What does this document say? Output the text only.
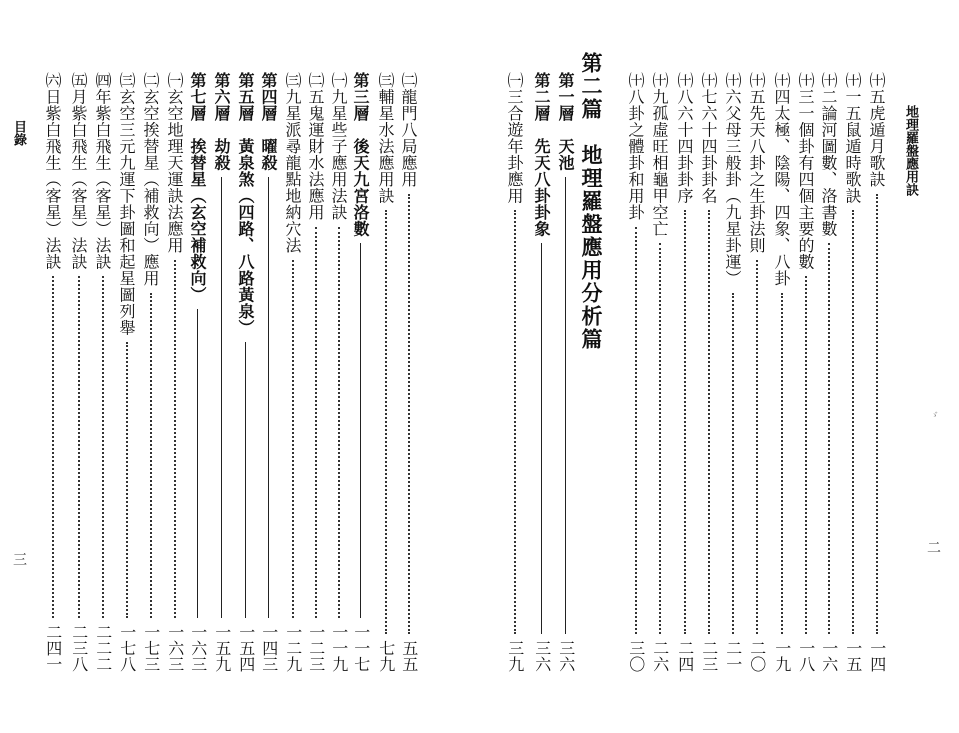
㈡龍門八局應用
五五
㈢輔星水法應用訣
七九
第三層　後天九宮洛數
一一七
㈠九星些子應用法訣
一一九
㈡五鬼運財水法應用
一二三
㈢九星派尋龍點地納穴法
一二九
第四層　曜殺
一四三
第五層　黃泉煞（四路、八路黃泉）
一五四
第六層　劫殺
一五九
第七層　挨替星（玄空補救向）
一六三
㈠玄空地理天運訣法應用
一六三
㈡玄空挨替星（補救向）應用
一七三
㈢玄空三元九運下卦圖和起星圖列舉
一七八
㈣年紫白飛生（客星）法訣
二二二
㈤月紫白飛生（客星）法訣
二三八
㈥日紫白飛生（客星）法訣
二四一
目錄
三
㈩五虎遁月歌訣
一四
㈩一五鼠遁時歌訣
一五
㈩二論河圖數、洛書數
一六
㈩三一個卦有四個主要的數
一八
㈩四太極、陰陽、四象、八卦
一九
㈩五先天八卦之生卦法則
二〇
㈩六父母三般卦（九星卦運）
二一
㈩七六十四卦卦名
二三
㈩八六十四卦卦序
二四
㈩九孤虛旺相龜甲空亡
二六
㈩八卦之體卦和用卦
三〇
第二篇　地理羅盤應用分析篇
第一層　天池
三六
第二層　先天八卦卦象
三六
㈠三合遊年卦應用
三九
地理羅盤應用訣
二
ゞ
